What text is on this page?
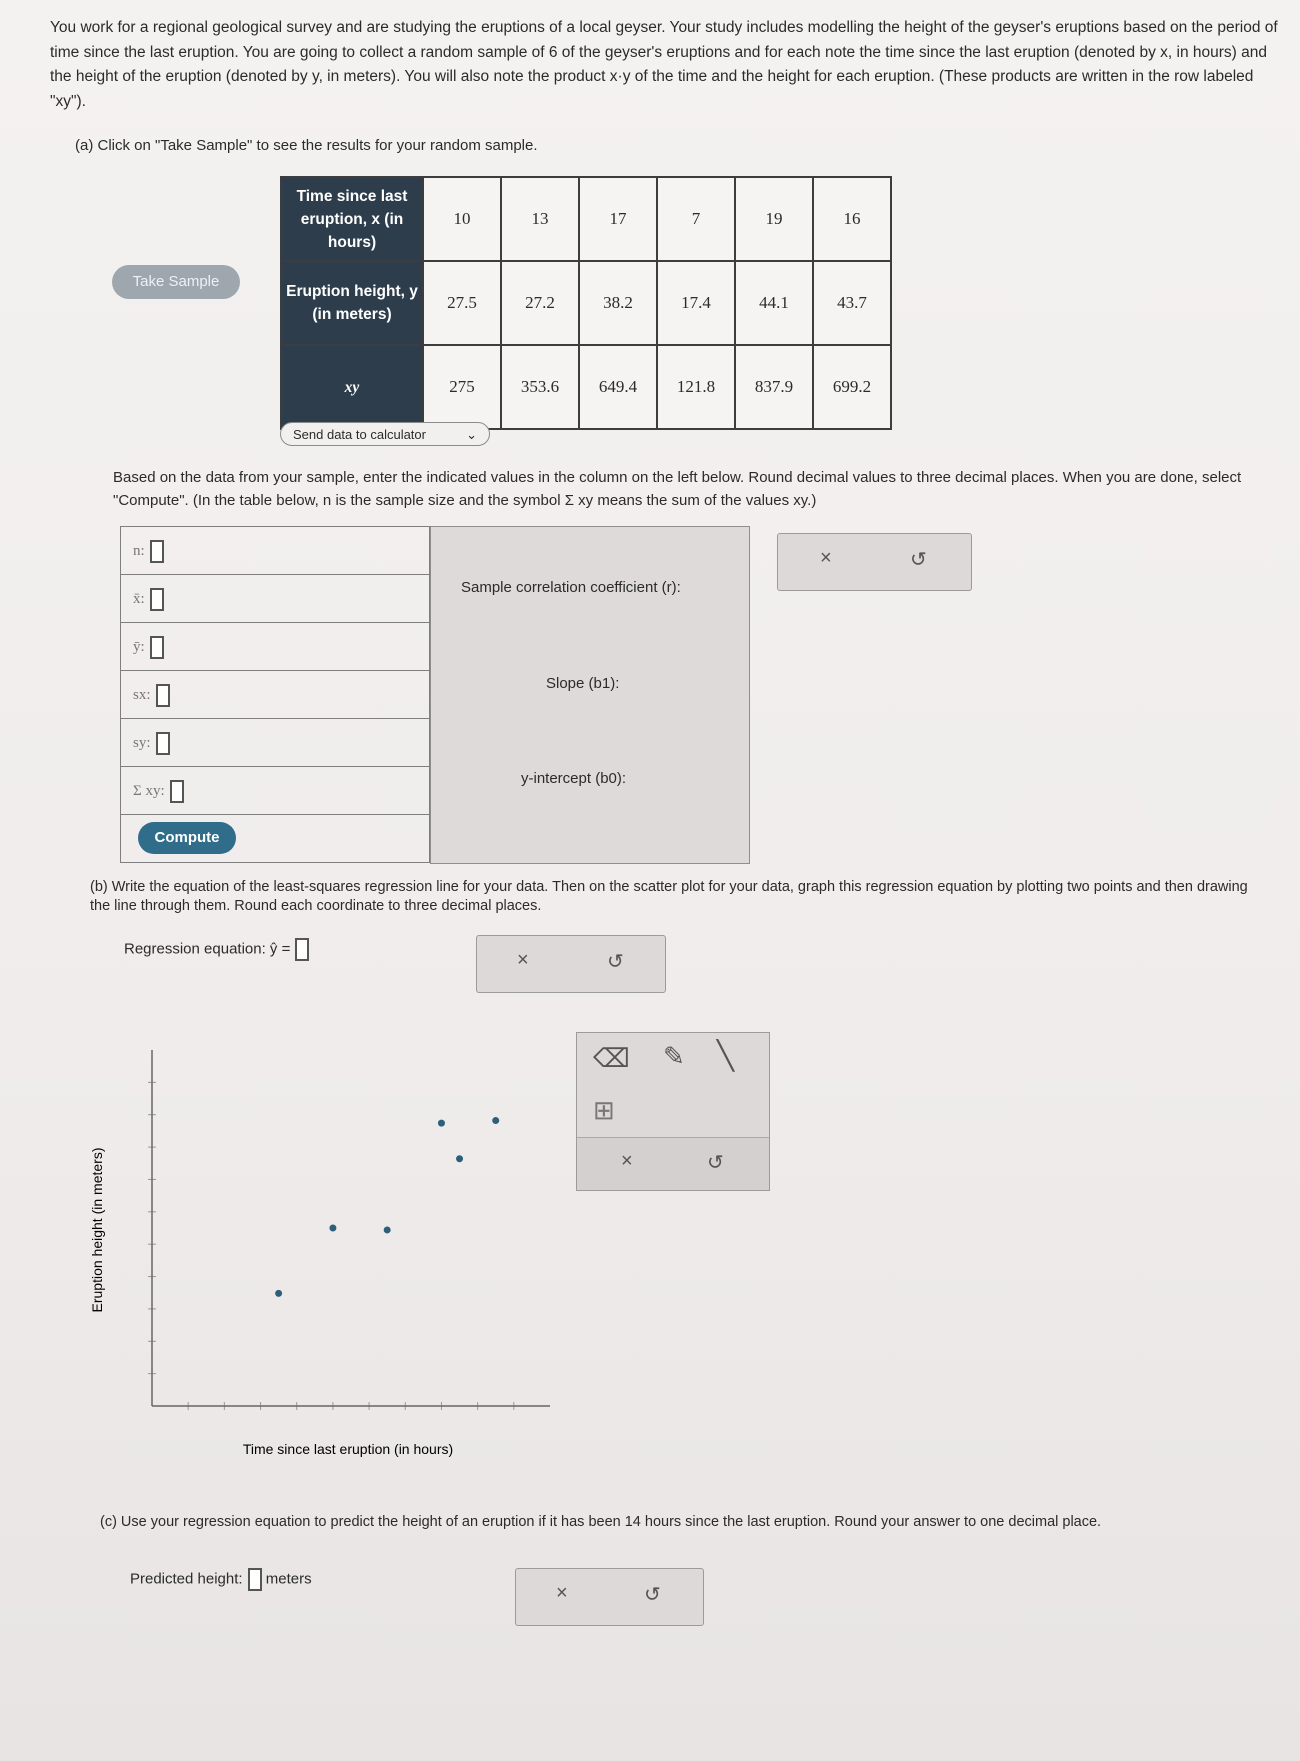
You work for a regional geological survey and are studying the eruptions of a local geyser. Your study includes modelling the height of the geyser's eruptions based on the period of time since the last eruption. You are going to collect a random sample of 6 of the geyser's eruptions and for each note the time since the last eruption (denoted by x, in hours) and the height of the eruption (denoted by y, in meters). You will also note the product x·y of the time and the height for each eruption. (These products are written in the row labeled "xy").
(a) Click on "Take Sample" to see the results for your random sample.
Take Sample
Time since last eruption, x (in hours)	10	13	17	7	19	16
Eruption height, y (in meters)	27.5	27.2	38.2	17.4	44.1	43.7
xy	275	353.6	649.4	121.8	837.9	699.2
Send data to calculator	⌄
Based on the data from your sample, enter the indicated values in the column on the left below. Round decimal values to three decimal places. When you are done, select "Compute". (In the table below, n is the sample size and the symbol Σ xy means the sum of the values xy.)
n:
x̄:
ȳ:
sx:
sy:
Σ xy:
Compute
Sample correlation coefficient (r):
Slope (b1):
y-intercept (b0):
×	↺
(b) Write the equation of the least-squares regression line for your data. Then on the scatter plot for your data, graph this regression equation by plotting two points and then drawing the line through them. Round each coordinate to three decimal places.
Regression equation: ŷ =
×	↺
Time since last eruption (in hours)
Eruption height (in meters)
⌫ ✎ ╲
⊞
×	↺
(c) Use your regression equation to predict the height of an eruption if it has been 14 hours since the last eruption. Round your answer to one decimal place.
Predicted height: meters
×	↺
